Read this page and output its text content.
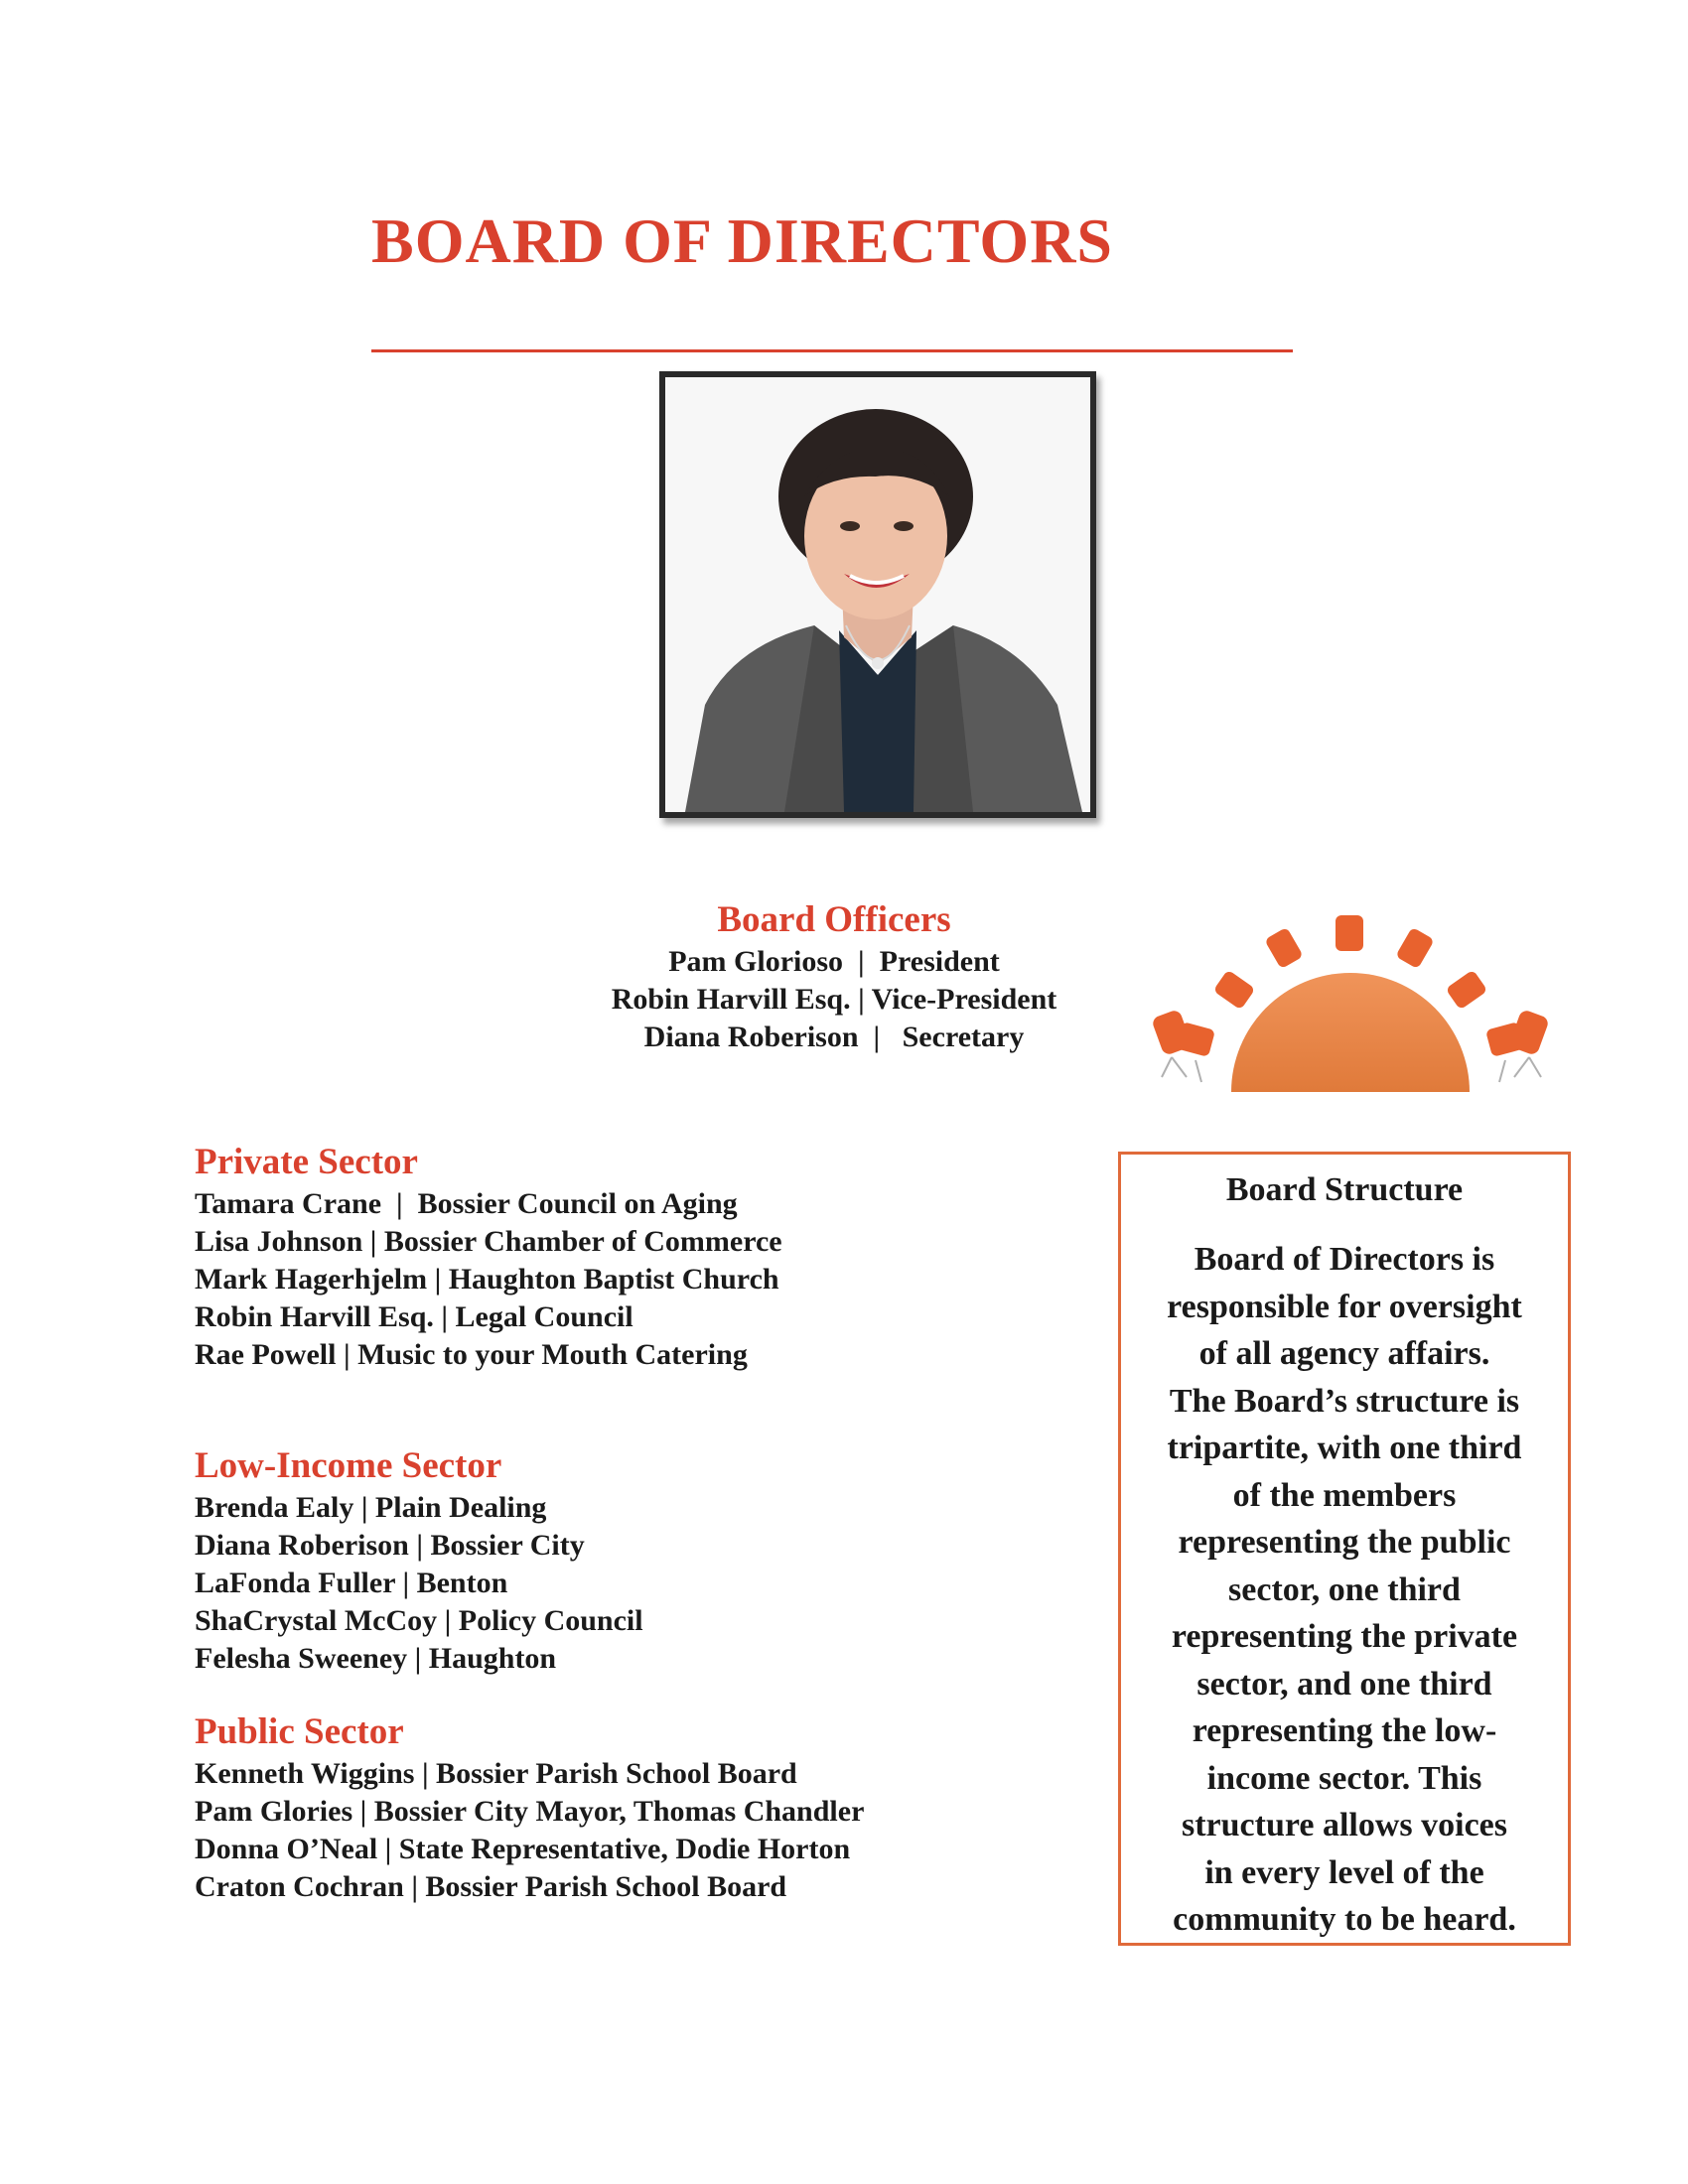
BOARD OF DIRECTORS
Board Officers
Pam Glorioso  |  President
Robin Harvill Esq. | Vice-President
Diana Roberison  |   Secretary
Private Sector
Tamara Crane  |  Bossier Council on Aging
Lisa Johnson | Bossier Chamber of Commerce
Mark Hagerhjelm | Haughton Baptist Church
Robin Harvill Esq. | Legal Council
Rae Powell | Music to your Mouth Catering
Low-Income Sector
Brenda Ealy | Plain Dealing
Diana Roberison | Bossier City
LaFonda Fuller | Benton
ShaCrystal McCoy | Policy Council
Felesha Sweeney | Haughton
Public Sector
Kenneth Wiggins | Bossier Parish School Board
Pam Glories | Bossier City Mayor, Thomas Chandler
Donna O’Neal | State Representative, Dodie Horton
Craton Cochran | Bossier Parish School Board
Board Structure
Board of Directors is
responsible for oversight
of all agency affairs.
The Board’s structure is
tripartite, with one third
of the members
representing the public
sector, one third
representing the private
sector, and one third
representing the low-
income sector. This
structure allows voices
in every level of the
community to be heard.
